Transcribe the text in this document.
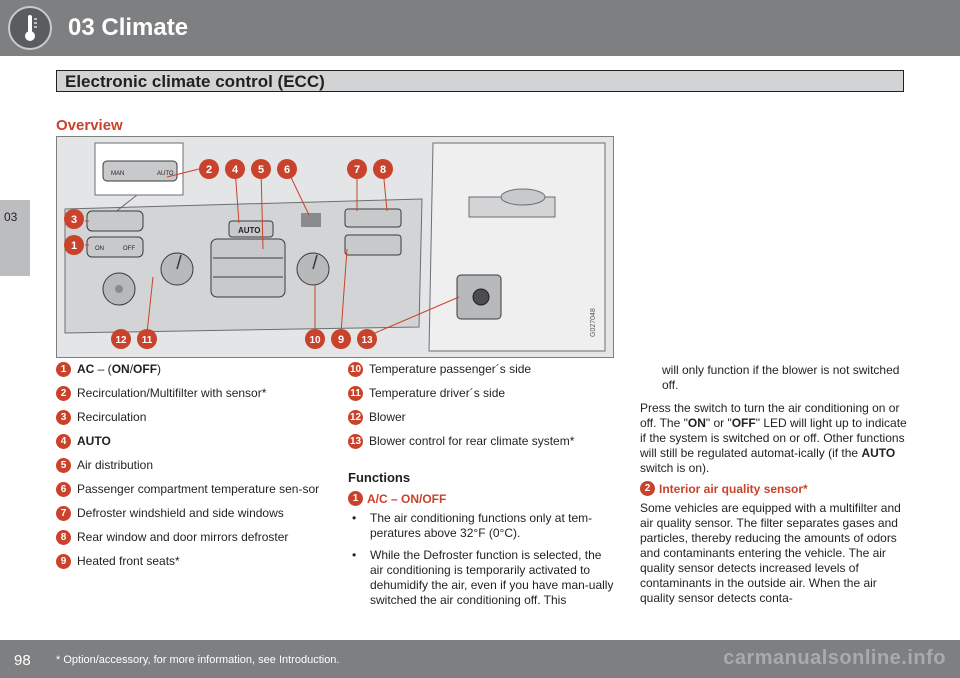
03 Climate
Electronic climate control (ECC)
03
Overview
MAN	AUTO
ON	OFF
AUTO
G027048
1
2
3
4 5 6	7 8
9
10
11
12	13
1 AC – (ON/OFF)
2 Recirculation/Multifilter with sensor*
3 Recirculation
4 AUTO
5 Air distribution
6 Passenger compartment temperature sen-sor
7 Defroster windshield and side windows
8 Rear window and door mirrors defroster
9 Heated front seats*
10 Temperature passenger´s side
11 Temperature driver´s side
12 Blower
13 Blower control for rear climate system*
Functions
1 A/C – ON/OFF
• The air conditioning functions only at tem-peratures above 32°F (0°C).
• While the Defroster function is selected, the air conditioning is temporarily activated to dehumidify the air, even if you have man-ually switched the air conditioning off. This
will only function if the blower is not switched off.
Press the switch to turn the air conditioning on or off. The "ON" or "OFF" LED will light up to indicate if the system is switched on or off. Other functions will still be regulated automat-ically (if the AUTO switch is on).
2 Interior air quality sensor*
Some vehicles are equipped with a multifilter and air quality sensor. The filter separates gases and particles, thereby reducing the amounts of odors and contaminants entering the vehicle. The air quality sensor detects increased levels of contaminants in the outside air. When the air quality sensor detects conta-
98 * Option/accessory, for more information, see Introduction.	carmanualsonline.info
